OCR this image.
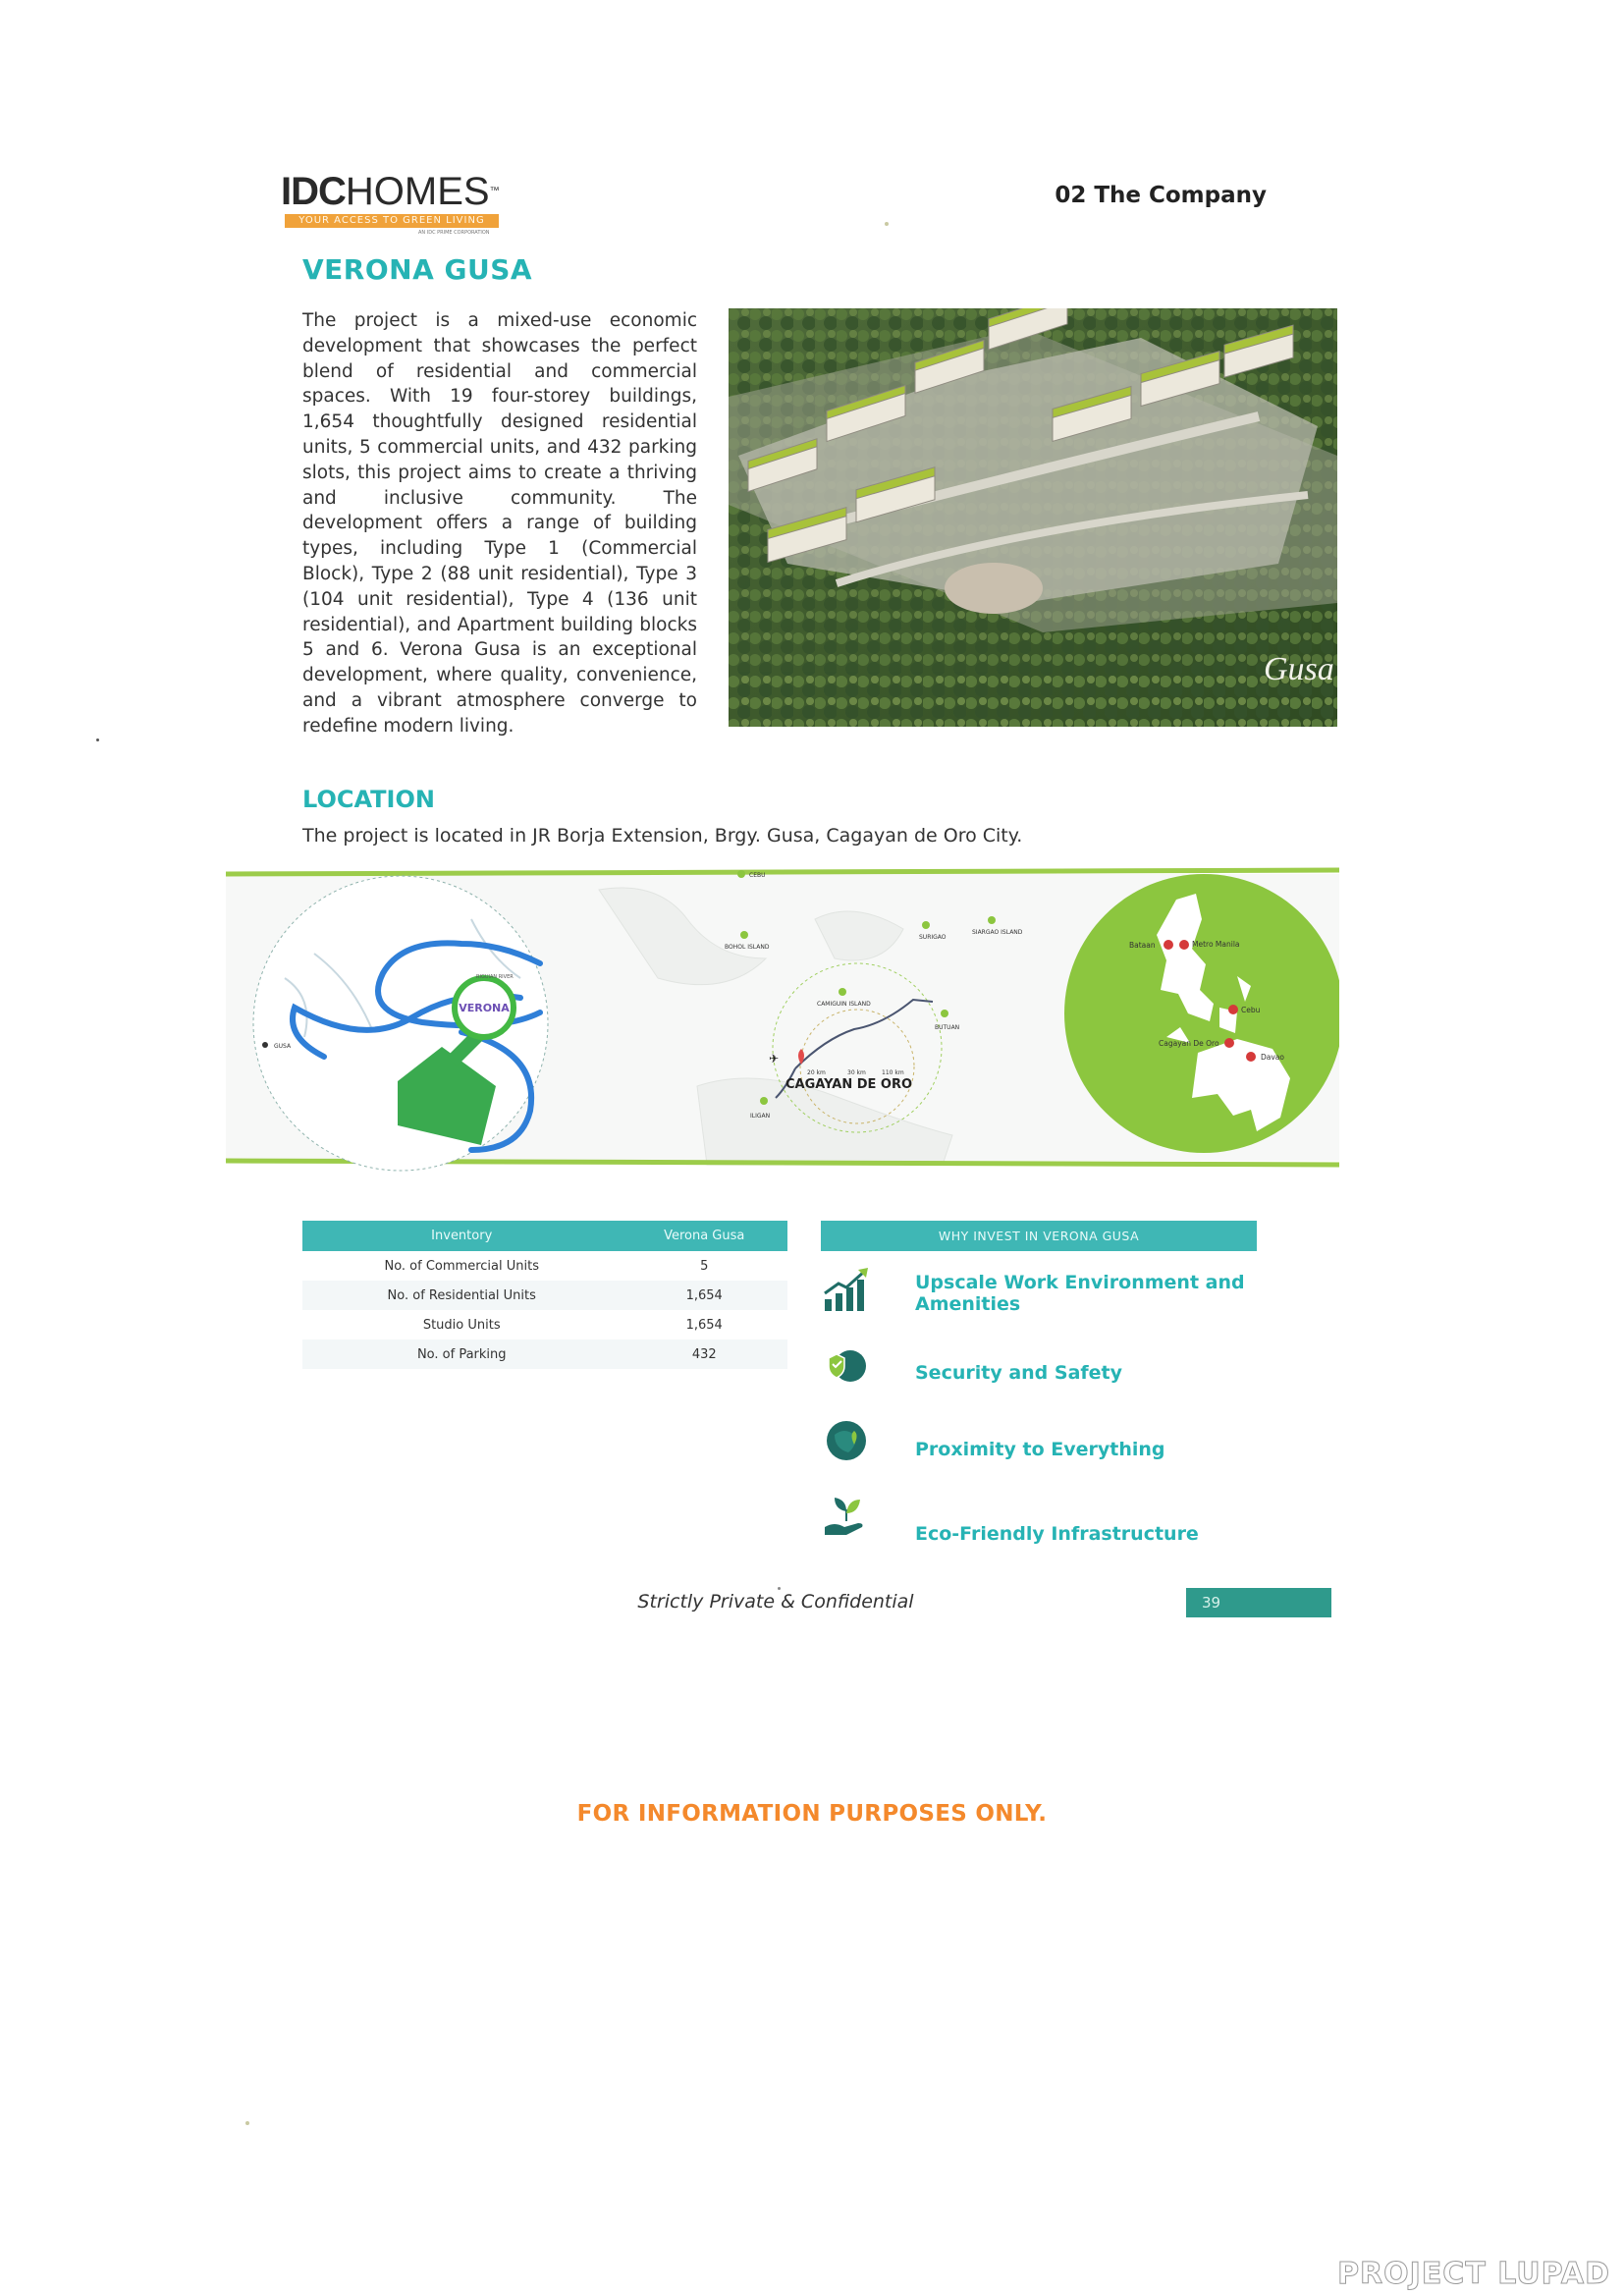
IDCHOMES™
YOUR ACCESS TO GREEN LIVING
AN IDC PRIME CORPORATION
02 The Company
VERONA GUSA
The project is a mixed-use economic development that showcases the perfect blend of residential and commercial spaces. With 19 four-storey buildings, 1,654 thoughtfully designed residential units, 5 commercial units, and 432 parking slots, this project aims to create a thriving and inclusive community. The development offers a range of building types, including Type 1 (Commercial Block), Type 2 (88 unit residential), Type 3 (104 unit residential), Type 4 (136 unit residential), and Apartment building blocks 5 and 6. Verona Gusa is an exceptional development, where quality, convenience, and a vibrant atmosphere converge to redefine modern living.
Gusa
LOCATION
The project is located in JR Borja Extension, Brgy. Gusa, Cagayan de Oro City.
VERONA
GUSA
RIGUIAN RIVER
CEBU
BOHOL ISLAND
SURIGAO
SIARGAO ISLAND
CAMIGUIN ISLAND
BUTUAN
ILIGAN
20 km	30 km	110 km
CAGAYAN DE ORO
✈
Bataan	Metro Manila
Cebu
Cagayan De Oro
Davao
Inventory	Verona Gusa
No. of Commercial Units	5
No. of Residential Units	1,654
Studio Units	1,654
No. of Parking	432
WHY INVEST IN VERONA GUSA
Upscale Work Environment and Amenities
Security and Safety
Proximity to Everything
Eco-Friendly Infrastructure
Strictly Private & Confidential	39
FOR INFORMATION PURPOSES ONLY.
PROJECT LUPAD
